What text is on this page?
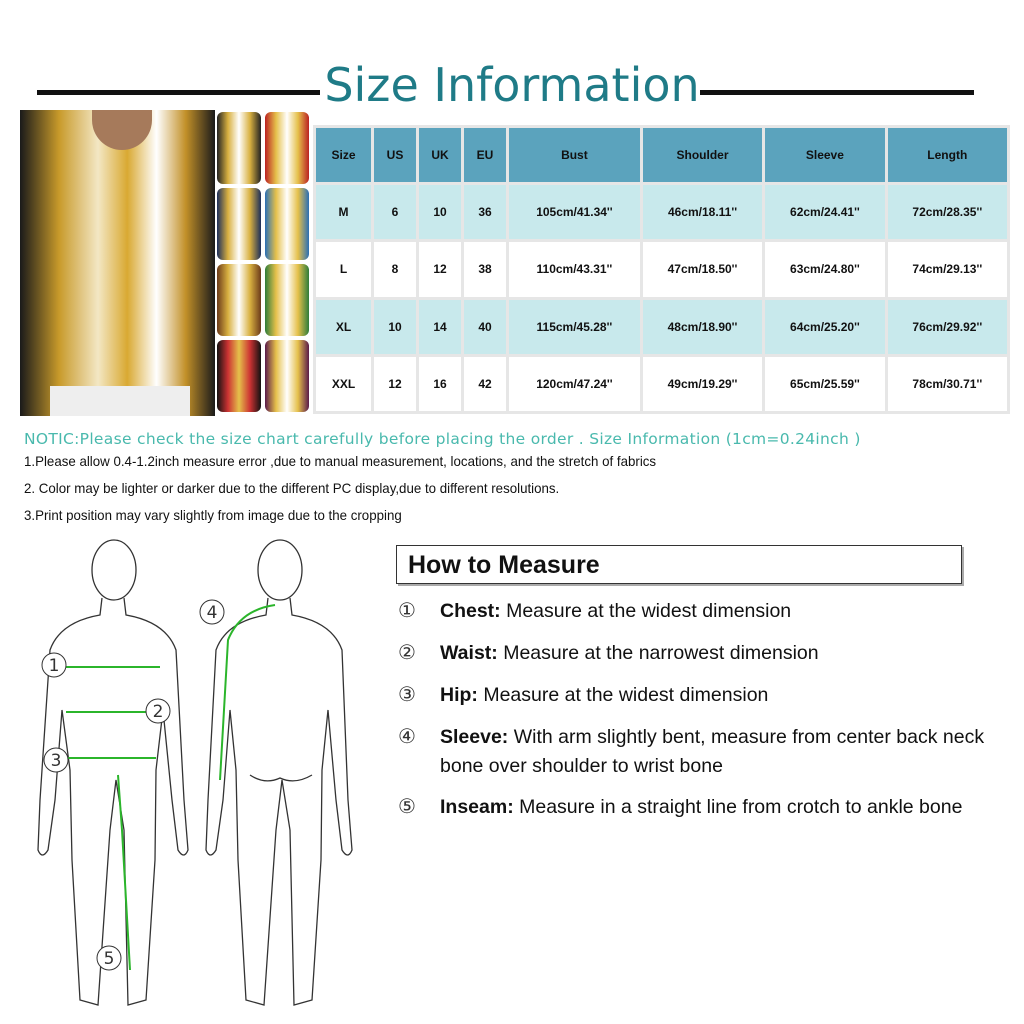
Size Information
Size	US	UK	EU	Bust	Shoulder	Sleeve	Length
M	6	10	36	105cm/41.34''	46cm/18.11''	62cm/24.41''	72cm/28.35''
L	8	12	38	110cm/43.31''	47cm/18.50''	63cm/24.80''	74cm/29.13''
XL	10	14	40	115cm/45.28''	48cm/18.90''	64cm/25.20''	76cm/29.92''
XXL	12	16	42	120cm/47.24''	49cm/19.29''	65cm/25.59''	78cm/30.71''
NOTIC:Please check the size chart carefully before placing the order . Size Information (1cm=0.24inch )
1.Please allow 0.4-1.2inch measure error ,due to manual measurement, locations, and the stretch of fabrics
2. Color may be lighter or darker due to the different PC display,due to different resolutions.
3.Print position may vary slightly from image due to the cropping
1
2
3
4
5
How to Measure
① Chest: Measure at the widest dimension
② Waist: Measure at the narrowest dimension
③ Hip: Measure at the widest dimension
④ Sleeve: With arm slightly bent, measure from center back neck bone over shoulder to wrist bone
⑤ Inseam: Measure in a straight line from crotch to ankle bone
